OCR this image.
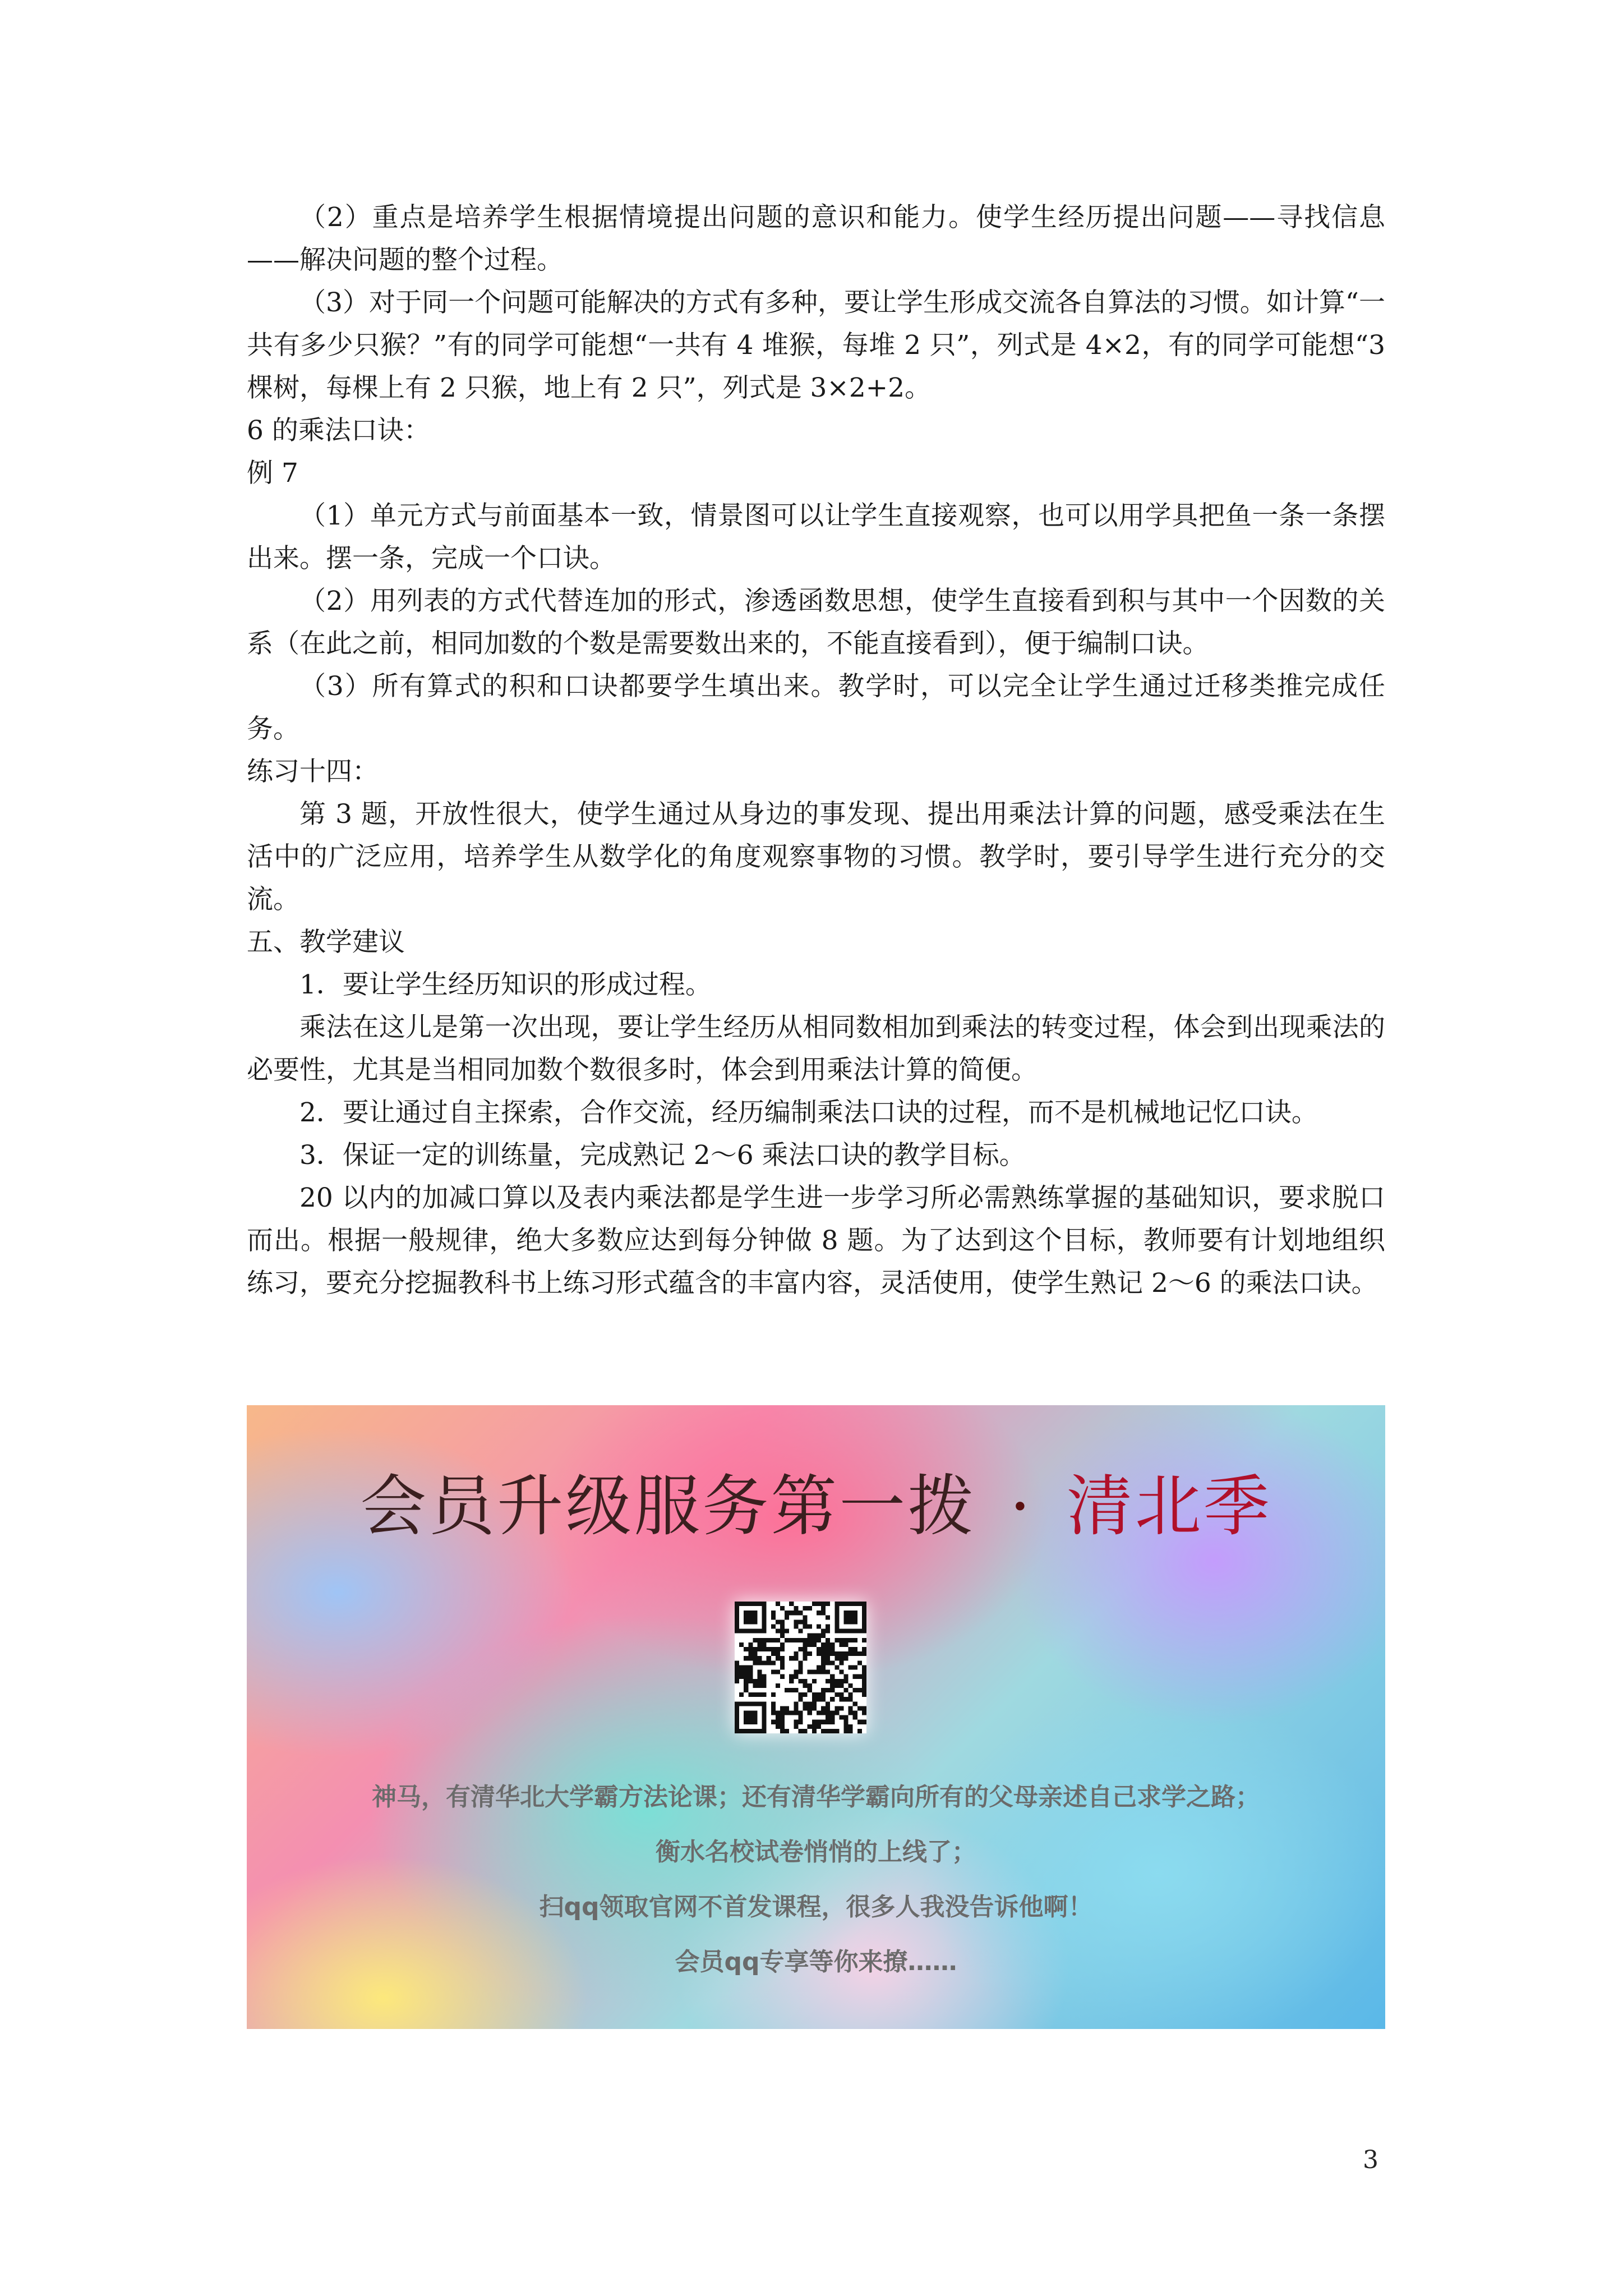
（2）重点是培养学生根据情境提出问题的意识和能力。使学生经历提出问题——寻找信息——解决问题的整个过程。

（3）对于同一个问题可能解决的方式有多种，要让学生形成交流各自算法的习惯。如计算“一共有多少只猴？”有的同学可能想“一共有 4 堆猴，每堆 2 只”，列式是 4×2，有的同学可能想“3 棵树，每棵上有 2 只猴，地上有 2 只”，列式是 3×2+2。

6 的乘法口诀：

例 7

（1）单元方式与前面基本一致，情景图可以让学生直接观察，也可以用学具把鱼一条一条摆出来。摆一条，完成一个口诀。

（2）用列表的方式代替连加的形式，渗透函数思想，使学生直接看到积与其中一个因数的关系（在此之前，相同加数的个数是需要数出来的，不能直接看到），便于编制口诀。

（3）所有算式的积和口诀都要学生填出来。教学时，可以完全让学生通过迁移类推完成任务。

练习十四：

第 3 题，开放性很大，使学生通过从身边的事发现、提出用乘法计算的问题，感受乘法在生活中的广泛应用，培养学生从数学化的角度观察事物的习惯。教学时，要引导学生进行充分的交流。

五、教学建议

1．要让学生经历知识的形成过程。

乘法在这儿是第一次出现，要让学生经历从相同数相加到乘法的转变过程，体会到出现乘法的必要性，尤其是当相同加数个数很多时，体会到用乘法计算的简便。

2．要让通过自主探索，合作交流，经历编制乘法口诀的过程，而不是机械地记忆口诀。

3．保证一定的训练量，完成熟记 2～6 乘法口诀的教学目标。

20 以内的加减口算以及表内乘法都是学生进一步学习所必需熟练掌握的基础知识，要求脱口而出。根据一般规律，绝大多数应达到每分钟做 8 题。为了达到这个目标，教师要有计划地组织练习，要充分挖掘教科书上练习形式蕴含的丰富内容，灵活使用，使学生熟记 2～6 的乘法口诀。

会员升级服务第一拨 · 清北季
神马，有清华北大学霸方法论课；还有清华学霸向所有的父母亲述自己求学之路；
衡水名校试卷悄悄的上线了；
扫qq领取官网不首发课程，很多人我没告诉他啊！
会员qq专享等你来撩……
3
